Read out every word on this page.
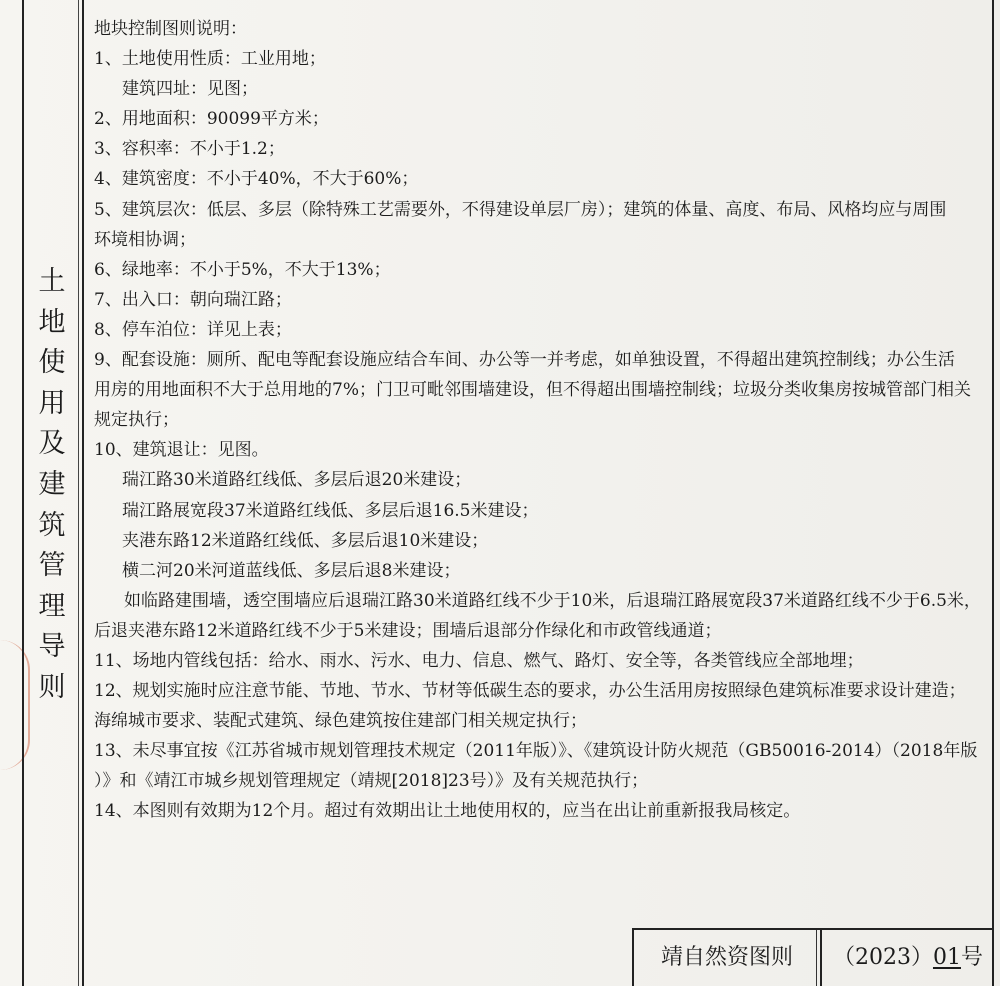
土地使用及建筑管理导则
地块控制图则说明：
1、土地使用性质：工业用地；
建筑四址：见图；
2、用地面积：90099平方米；
3、容积率：不小于1.2；
4、建筑密度：不小于40%，不大于60%；
5、建筑层次：低层、多层（除特殊工艺需要外，不得建设单层厂房）；建筑的体量、高度、布局、风格均应与周围
环境相协调；
6、绿地率：不小于5%，不大于13%；
7、出入口：朝向瑞江路；
8、停车泊位：详见上表；
9、配套设施：厕所、配电等配套设施应结合车间、办公等一并考虑，如单独设置，不得超出建筑控制线；办公生活
用房的用地面积不大于总用地的7%；门卫可毗邻围墙建设，但不得超出围墙控制线；垃圾分类收集房按城管部门相关
规定执行；
10、建筑退让：见图。
瑞江路30米道路红线低、多层后退20米建设；
瑞江路展宽段37米道路红线低、多层后退16.5米建设；
夹港东路12米道路红线低、多层后退10米建设；
横二河20米河道蓝线低、多层后退8米建设；
如临路建围墙，透空围墙应后退瑞江路30米道路红线不少于10米，后退瑞江路展宽段37米道路红线不少于6.5米，
后退夹港东路12米道路红线不少于5米建设；围墙后退部分作绿化和市政管线通道；
11、场地内管线包括：给水、雨水、污水、电力、信息、燃气、路灯、安全等，各类管线应全部地埋；
12、规划实施时应注意节能、节地、节水、节材等低碳生态的要求，办公生活用房按照绿色建筑标准要求设计建造；
海绵城市要求、装配式建筑、绿色建筑按住建部门相关规定执行；
13、未尽事宜按《江苏省城市规划管理技术规定（2011年版）》、《建筑设计防火规范（GB50016-2014）（2018年版
）》和《靖江市城乡规划管理规定（靖规[2018]23号）》及有关规范执行；
14、本图则有效期为12个月。超过有效期出让土地使用权的，应当在出让前重新报我局核定。
靖自然资图则	（2023）01号
